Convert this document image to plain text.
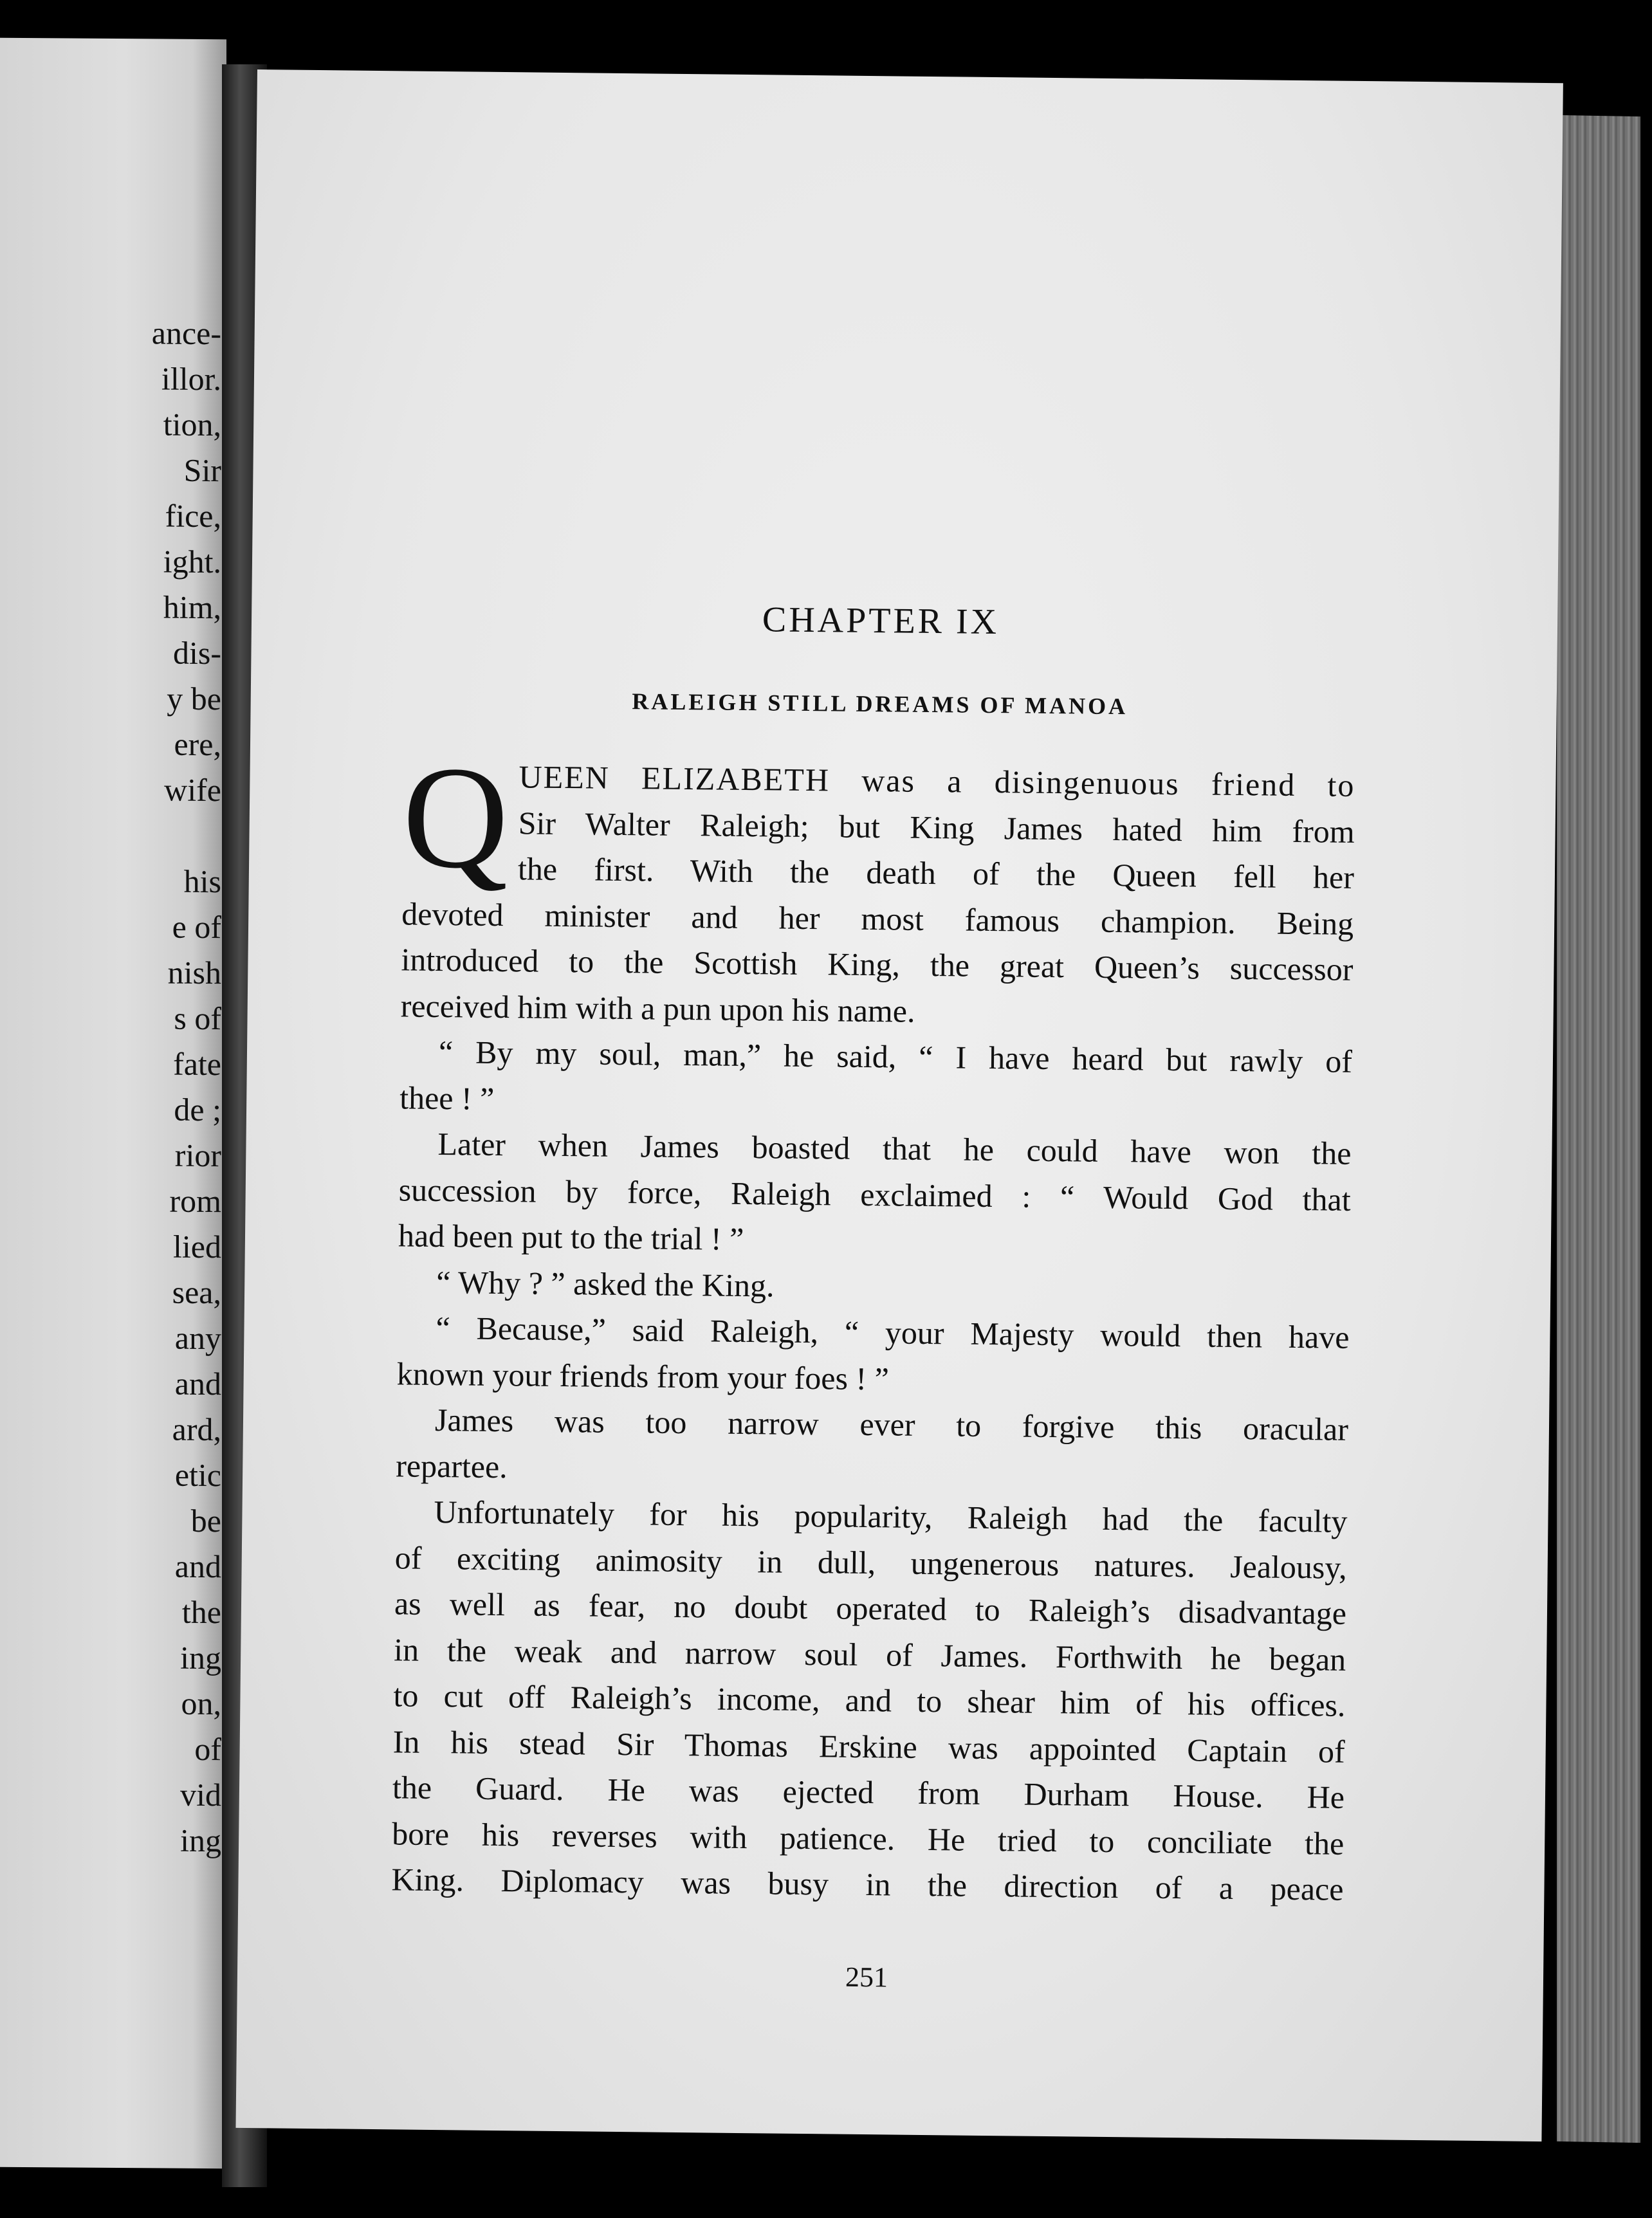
ance-
illor.
tion,
Sir
fice,
ight.
him,
dis-
y be
ere,
wife
his
e of
nish
s of
fate
de ;
rior
rom
lied
sea,
any
and
ard,
etic
be
and
the
ing
on,
of
vid
ing
CHAPTER IX
RALEIGH STILL DREAMS OF MANOA
Q UEEN ELIZABETH was a disingenuous friend to
Sir Walter Raleigh; but King James hated him from
the first. With the death of the Queen fell her
devoted minister and her most famous champion. Being
introduced to the Scottish King, the great Queen’s successor
received him with a pun upon his name.
“ By my soul, man,” he said, “ I have heard but rawly of
thee ! ”
Later when James boasted that he could have won the
succession by force, Raleigh exclaimed : “ Would God that
had been put to the trial ! ”
“ Why ? ” asked the King.
“ Because,” said Raleigh, “ your Majesty would then have
known your friends from your foes ! ”
James was too narrow ever to forgive this oracular
repartee.
Unfortunately for his popularity, Raleigh had the faculty
of exciting animosity in dull, ungenerous natures. Jealousy,
as well as fear, no doubt operated to Raleigh’s disadvantage
in the weak and narrow soul of James. Forthwith he began
to cut off Raleigh’s income, and to shear him of his offices.
In his stead Sir Thomas Erskine was appointed Captain of
the Guard. He was ejected from Durham House. He
bore his reverses with patience. He tried to conciliate the
King. Diplomacy was busy in the direction of a peace
251
